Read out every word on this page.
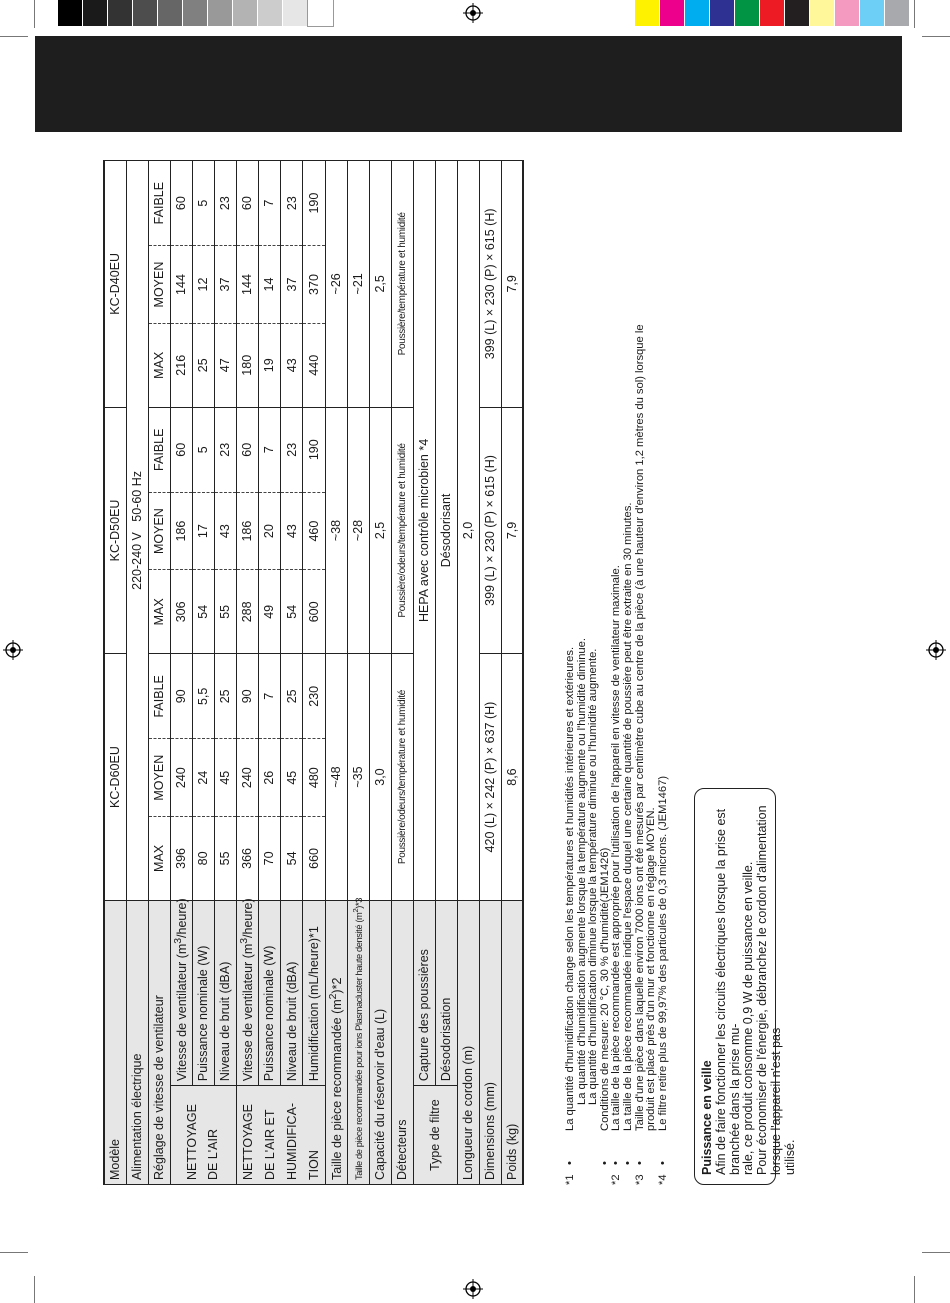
Modèle		KC-D60EU			KC-D50EU			KC-D40EU		
Alimentation électrique		220-240 V   50-60 Hz								
Réglage de vitesse de ventilateur		MAX	MOYEN	FAIBLE	MAX	MOYEN	FAIBLE	MAX	MOYEN	FAIBLE

NETTOYAGE DE L'AIR	Vitesse de ventilateur $(m^3/heure)$	396	240	90	306	186	60	216	144	60
	Puissance nominale (W)	80	24	5,5	54	17	5	25	12	5
	Niveau de bruit (dBA)	55	45	25	55	43	23	47	37	23

NETTOYAGE DE L'AIR ET HUMIDIFICA- TION	Vitesse de ventilateur $(m^3/heure)$	366	240	90	288	186	60	180	144	60
	Puissance nominale (W)	70	26	7	49	20	7	19	14	7
	Niveau de bruit (dBA)	54	45	25	54	43	23	43	37	23
	Humidification (mL/heure)*1	660	480	230	600	460	190	440	370	190
Taille de pièce recommandée $(m^2)*2$		~48			~38			~26		
Taille de pièce recommandée pour ions Plasmacluster haute densité $(m^2)*3$		~35			~28			~21		
Capacité du réservoir d'eau (L)		3,0			2,5			2,5		
Détecteurs		Poussière/odeurs/température et humidité			Poussière/odeurs/température et humidité			Poussière/température et humidité		
Type de filtre	Capture des poussières	HEPA avec contrôle microbien *4								
	Désodorisation	Désodorisant								
Longueur de cordon (m)		2,0								
Dimensions (mm)		420 (L) × 242 (P) × 637 (H)			399 (L) × 230 (P) × 615 (H)			399 (L) × 230 (P) × 615 (H)		
Poids (kg)		8,6			7,9			7,9		
*1
•
La quantité d'humidification change selon les températures et humidités intérieures et extérieures. La quantité d'humidification augmente lorsque la température augmente ou l'humidité diminue. La quantité d'humidification diminue lorsque la température diminue ou l'humidité augmente.
•
Conditions de mesure: 20 °C, 30 % d'humidité(JEM1426)
*2
•
La taille de la pièce recommandée est appropriée pour l'utilisation de l'appareil en vitesse de ventilateur maximale.
•
La taille de la pièce recommandée indique l'espace duquel une certaine quantité de poussière peut être extraite en 30 minutes.
*3
•
Taille d'une pièce dans laquelle environ 7000 ions ont été mesurés par centimètre cube au centre de la pièce (à une hauteur d'environ 1,2 mètres du sol) lorsque le produit est placé près d'un mur et fonctionne en réglage MOYEN.
*4
•
Le filtre retire plus de 99,97% des particules de 0,3 microns. (JEM1467)	Puissance en veille Afin de faire fonctionner les circuits électriques lorsque la prise est branchée dans la prise mu- rale, ce produit consomme 0,9 W de puissance en veille. Pour économiser de l'énergie, débranchez le cordon d'alimentation lorsque l'appareil n'est pas utilisé.
